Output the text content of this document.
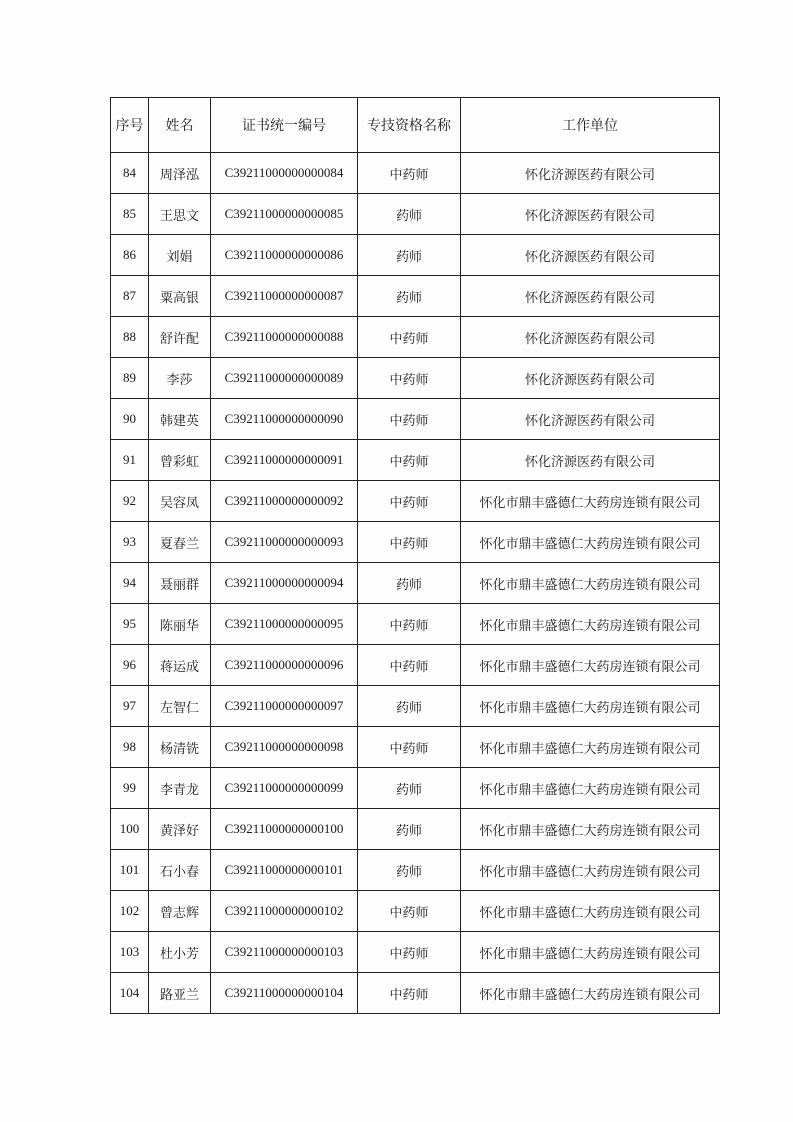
序号	姓名	证书统一编号	专技资格名称	工作单位
84	周泽泓	C39211000000000084	中药师	怀化济源医药有限公司
85	王思文	C39211000000000085	药师	怀化济源医药有限公司
86	刘娟	C39211000000000086	药师	怀化济源医药有限公司
87	粟高银	C39211000000000087	药师	怀化济源医药有限公司
88	舒许配	C39211000000000088	中药师	怀化济源医药有限公司
89	李莎	C39211000000000089	中药师	怀化济源医药有限公司
90	韩建英	C39211000000000090	中药师	怀化济源医药有限公司
91	曾彩虹	C39211000000000091	中药师	怀化济源医药有限公司
92	吴容凤	C39211000000000092	中药师	怀化市鼎丰盛德仁大药房连锁有限公司
93	夏春兰	C39211000000000093	中药师	怀化市鼎丰盛德仁大药房连锁有限公司
94	聂丽群	C39211000000000094	药师	怀化市鼎丰盛德仁大药房连锁有限公司
95	陈丽华	C39211000000000095	中药师	怀化市鼎丰盛德仁大药房连锁有限公司
96	蒋运成	C39211000000000096	中药师	怀化市鼎丰盛德仁大药房连锁有限公司
97	左智仁	C39211000000000097	药师	怀化市鼎丰盛德仁大药房连锁有限公司
98	杨清铣	C39211000000000098	中药师	怀化市鼎丰盛德仁大药房连锁有限公司
99	李青龙	C39211000000000099	药师	怀化市鼎丰盛德仁大药房连锁有限公司
100	黄泽好	C39211000000000100	药师	怀化市鼎丰盛德仁大药房连锁有限公司
101	石小春	C39211000000000101	药师	怀化市鼎丰盛德仁大药房连锁有限公司
102	曾志辉	C39211000000000102	中药师	怀化市鼎丰盛德仁大药房连锁有限公司
103	杜小芳	C39211000000000103	中药师	怀化市鼎丰盛德仁大药房连锁有限公司
104	路亚兰	C39211000000000104	中药师	怀化市鼎丰盛德仁大药房连锁有限公司
